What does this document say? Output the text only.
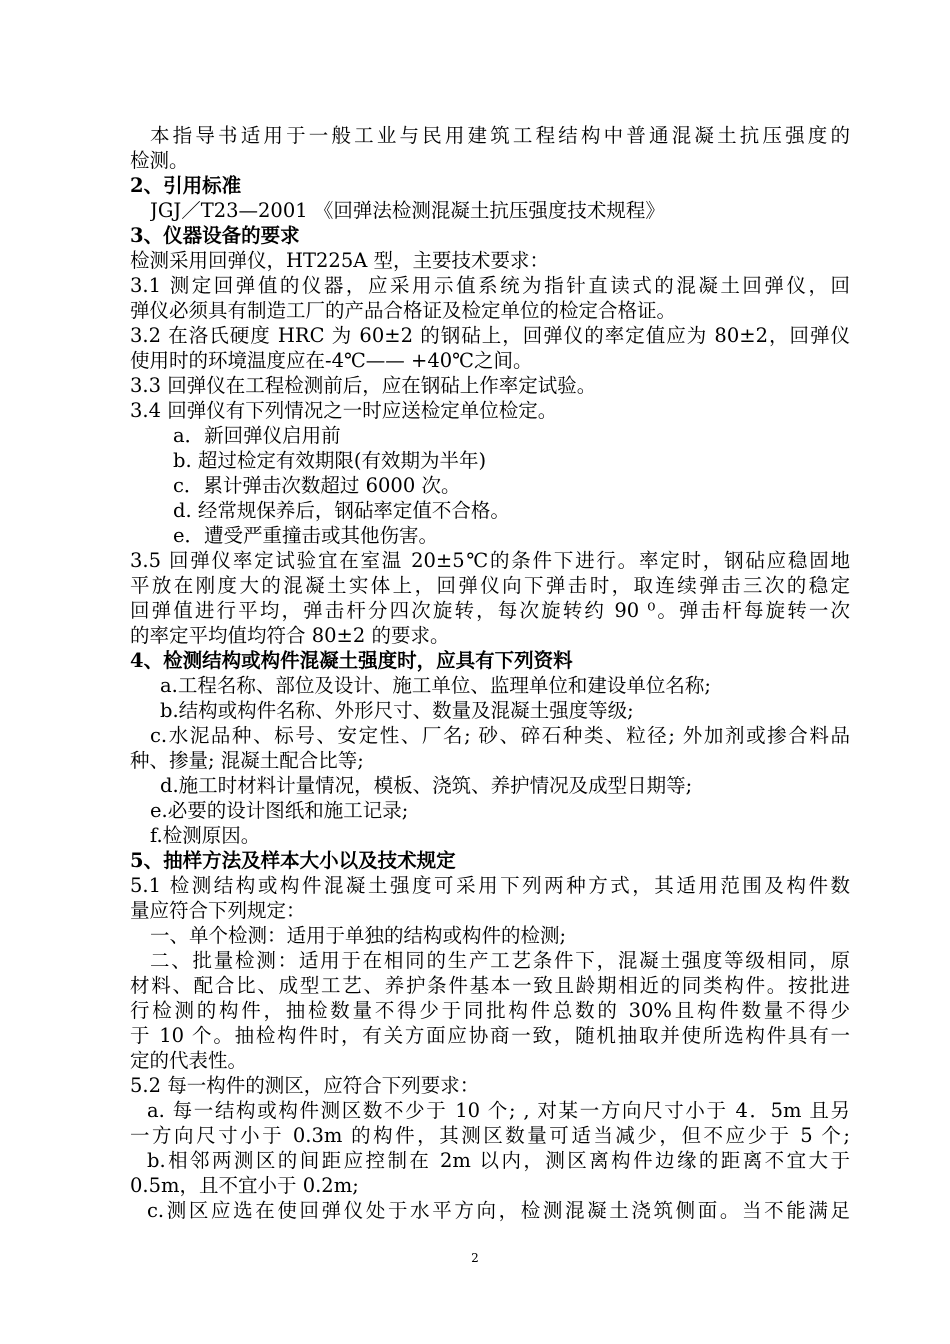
本指导书适用于一般工业与民用建筑工程结构中普通混凝土抗压强度的
检测。
2、引用标准
JGJ／T23—2001 《回弹法检测混凝土抗压强度技术规程》
3、仪器设备的要求
检测采用回弹仪，HT225A 型，主要技术要求：
3.1 测定回弹值的仪器，应采用示值系统为指针直读式的混凝土回弹仪，回
弹仪必须具有制造工厂的产品合格证及检定单位的检定合格证。
3.2 在洛氏硬度 HRC 为 60±2 的钢砧上，回弹仪的率定值应为 80±2，回弹仪
使用时的环境温度应在-4℃—— +40℃之间。
3.3 回弹仪在工程检测前后，应在钢砧上作率定试验。
3.4 回弹仪有下列情况之一时应送检定单位检定。
a．新回弹仪启用前
b. 超过检定有效期限(有效期为半年)
c．累计弹击次数超过 6000 次。
d. 经常规保养后，钢砧率定值不合格。
e．遭受严重撞击或其他伤害。
3.5 回弹仪率定试验宜在室温 20±5℃的条件下进行。率定时，钢砧应稳固地
平放在刚度大的混凝土实体上，回弹仪向下弹击时，取连续弹击三次的稳定
回弹值进行平均，弹击杆分四次旋转，每次旋转约 90 ⁰。弹击杆每旋转一次
的率定平均值均符合 80±2 的要求。
4、检测结构或构件混凝土强度时，应具有下列资料
a.工程名称、部位及设计、施工单位、监理单位和建设单位名称;
b.结构或构件名称、外形尺寸、数量及混凝土强度等级;
c.水泥品种、标号、安定性、厂名; 砂、碎石种类、粒径; 外加剂或掺合料品
种、掺量; 混凝土配合比等;
d.施工时材料计量情况，模板、浇筑、养护情况及成型日期等;
e.必要的设计图纸和施工记录;
f.检测原因。
5、抽样方法及样本大小以及技术规定
5.1 检测结构或构件混凝土强度可采用下列两种方式，其适用范围及构件数
量应符合下列规定：
一、单个检测：适用于单独的结构或构件的检测;
二、批量检测：适用于在相同的生产工艺条件下，混凝土强度等级相同，原
材料、配合比、成型工艺、养护条件基本一致且龄期相近的同类构件。按批进
行检测的构件，抽检数量不得少于同批构件总数的 30%且构件数量不得少
于 10 个。抽检构件时，有关方面应协商一致，随机抽取并使所选构件具有一
定的代表性。
5.2 每一构件的测区，应符合下列要求：
a. 每一结构或构件测区数不少于 10 个; , 对某一方向尺寸小于 4．5m 且另
一方向尺寸小于 0.3m 的构件，其测区数量可适当减少，但不应少于 5 个;
b.相邻两测区的间距应控制在 2m 以内，测区离构件边缘的距离不宜大于
0.5m，且不宜小于 0.2m;
c.测区应选在使回弹仪处于水平方向，检测混凝土浇筑侧面。当不能满足
2
